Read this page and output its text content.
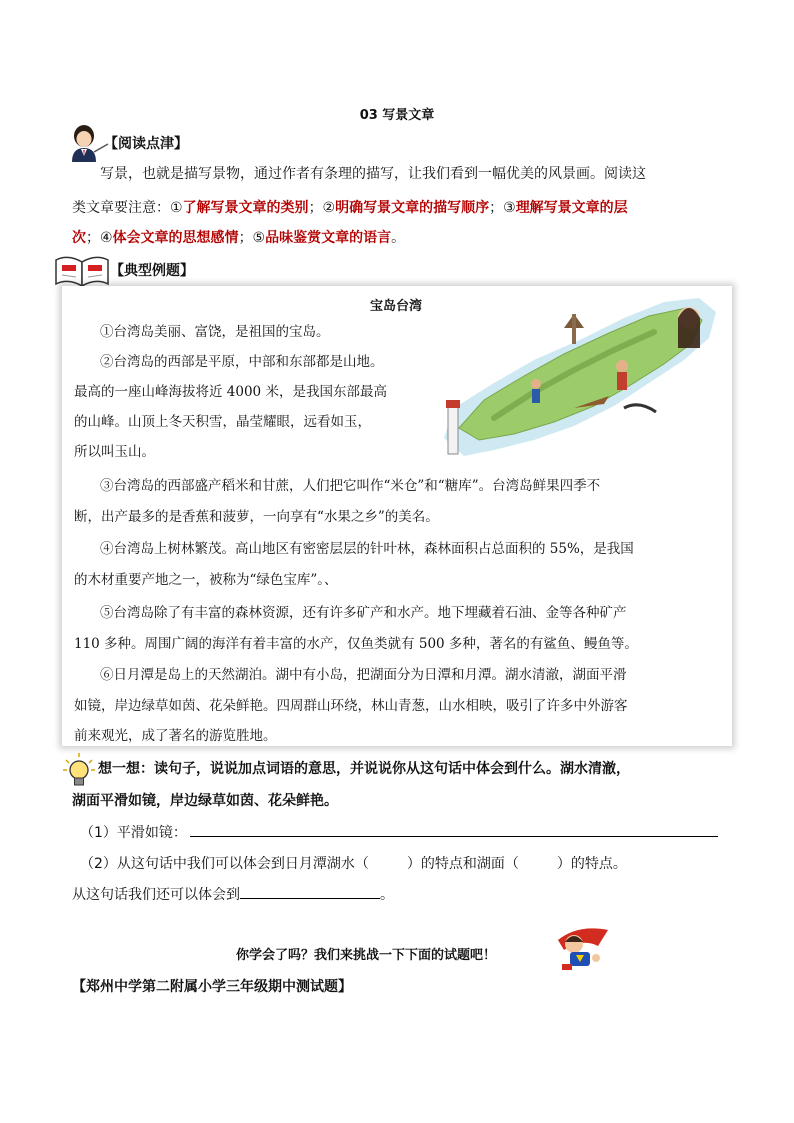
03 写景文章
【阅读点津】
写景，也就是描写景物，通过作者有条理的描写，让我们看到一幅优美的风景画。阅读这
类文章要注意：①了解写景文章的类别；②明确写景文章的描写顺序；③理解写景文章的层
次；④体会文章的思想感情；⑤品味鉴赏文章的语言。
【典型例题】
宝岛台湾
①台湾岛美丽、富饶，是祖国的宝岛。
②台湾岛的西部是平原，中部和东部都是山地。
最高的一座山峰海拔将近 4000 米，是我国东部最高
的山峰。山顶上冬天积雪，晶莹耀眼，远看如玉，
所以叫玉山。
③台湾岛的西部盛产稻米和甘蔗，人们把它叫作“米仓”和“糖库”。台湾岛鲜果四季不
断，出产最多的是香蕉和菠萝，一向享有“水果之乡”的美名。
④台湾岛上树林繁茂。高山地区有密密层层的针叶林，森林面积占总面积的 55%，是我国
的木材重要产地之一，被称为“绿色宝库”。、
⑤台湾岛除了有丰富的森林资源，还有许多矿产和水产。地下埋藏着石油、金等各种矿产
110 多种。周围广阔的海洋有着丰富的水产，仅鱼类就有 500 多种，著名的有鲨鱼、鳗鱼等。
⑥日月潭是岛上的天然湖泊。湖中有小岛，把湖面分为日潭和月潭。湖水清澈，湖面平滑
如镜，岸边绿草如茵、花朵鲜艳。四周群山环绕，林山青葱，山水相映，吸引了许多中外游客
前来观光，成了著名的游览胜地。
想一想：读句子，说说加点词语的意思，并说说你从这句话中体会到什么。湖水清澈，
湖面平滑如镜，岸边绿草如茵、花朵鲜艳。
（1）平滑如镜：
（2）从这句话中我们可以体会到日月潭湖水（	）的特点和湖面（	）的特点。
从这句话我们还可以体会到	。
你学会了吗？我们来挑战一下下面的试题吧！
【郑州中学第二附属小学三年级期中测试题】
